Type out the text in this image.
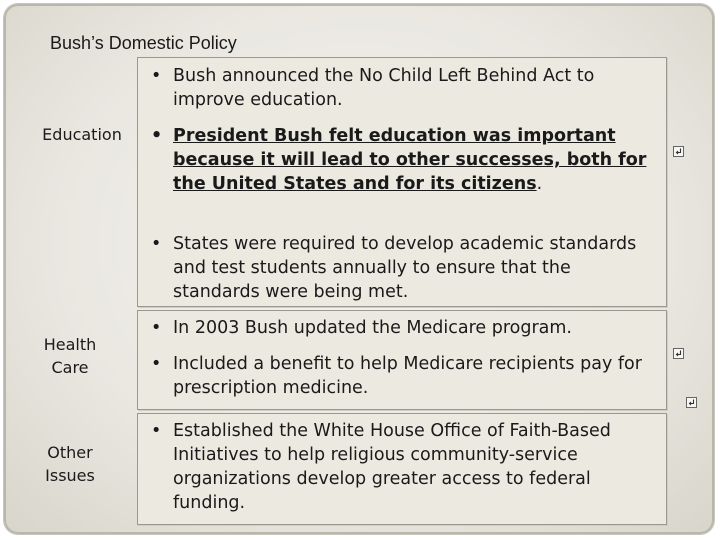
Bush’s Domestic Policy
Education
Health
Care
Other
Issues
• Bush announced the No Child Left Behind Act to improve education.
• President Bush felt education was important because it will lead to other successes, both for the United States and for its citizens.
• States were required to develop academic standards and test students annually to ensure that the standards were being met.
• In 2003 Bush updated the Medicare program.
• Included a benefit to help Medicare recipients pay for prescription medicine.
• Established the White House Office of Faith-Based Initiatives to help religious community-service organizations develop greater access to federal funding.
